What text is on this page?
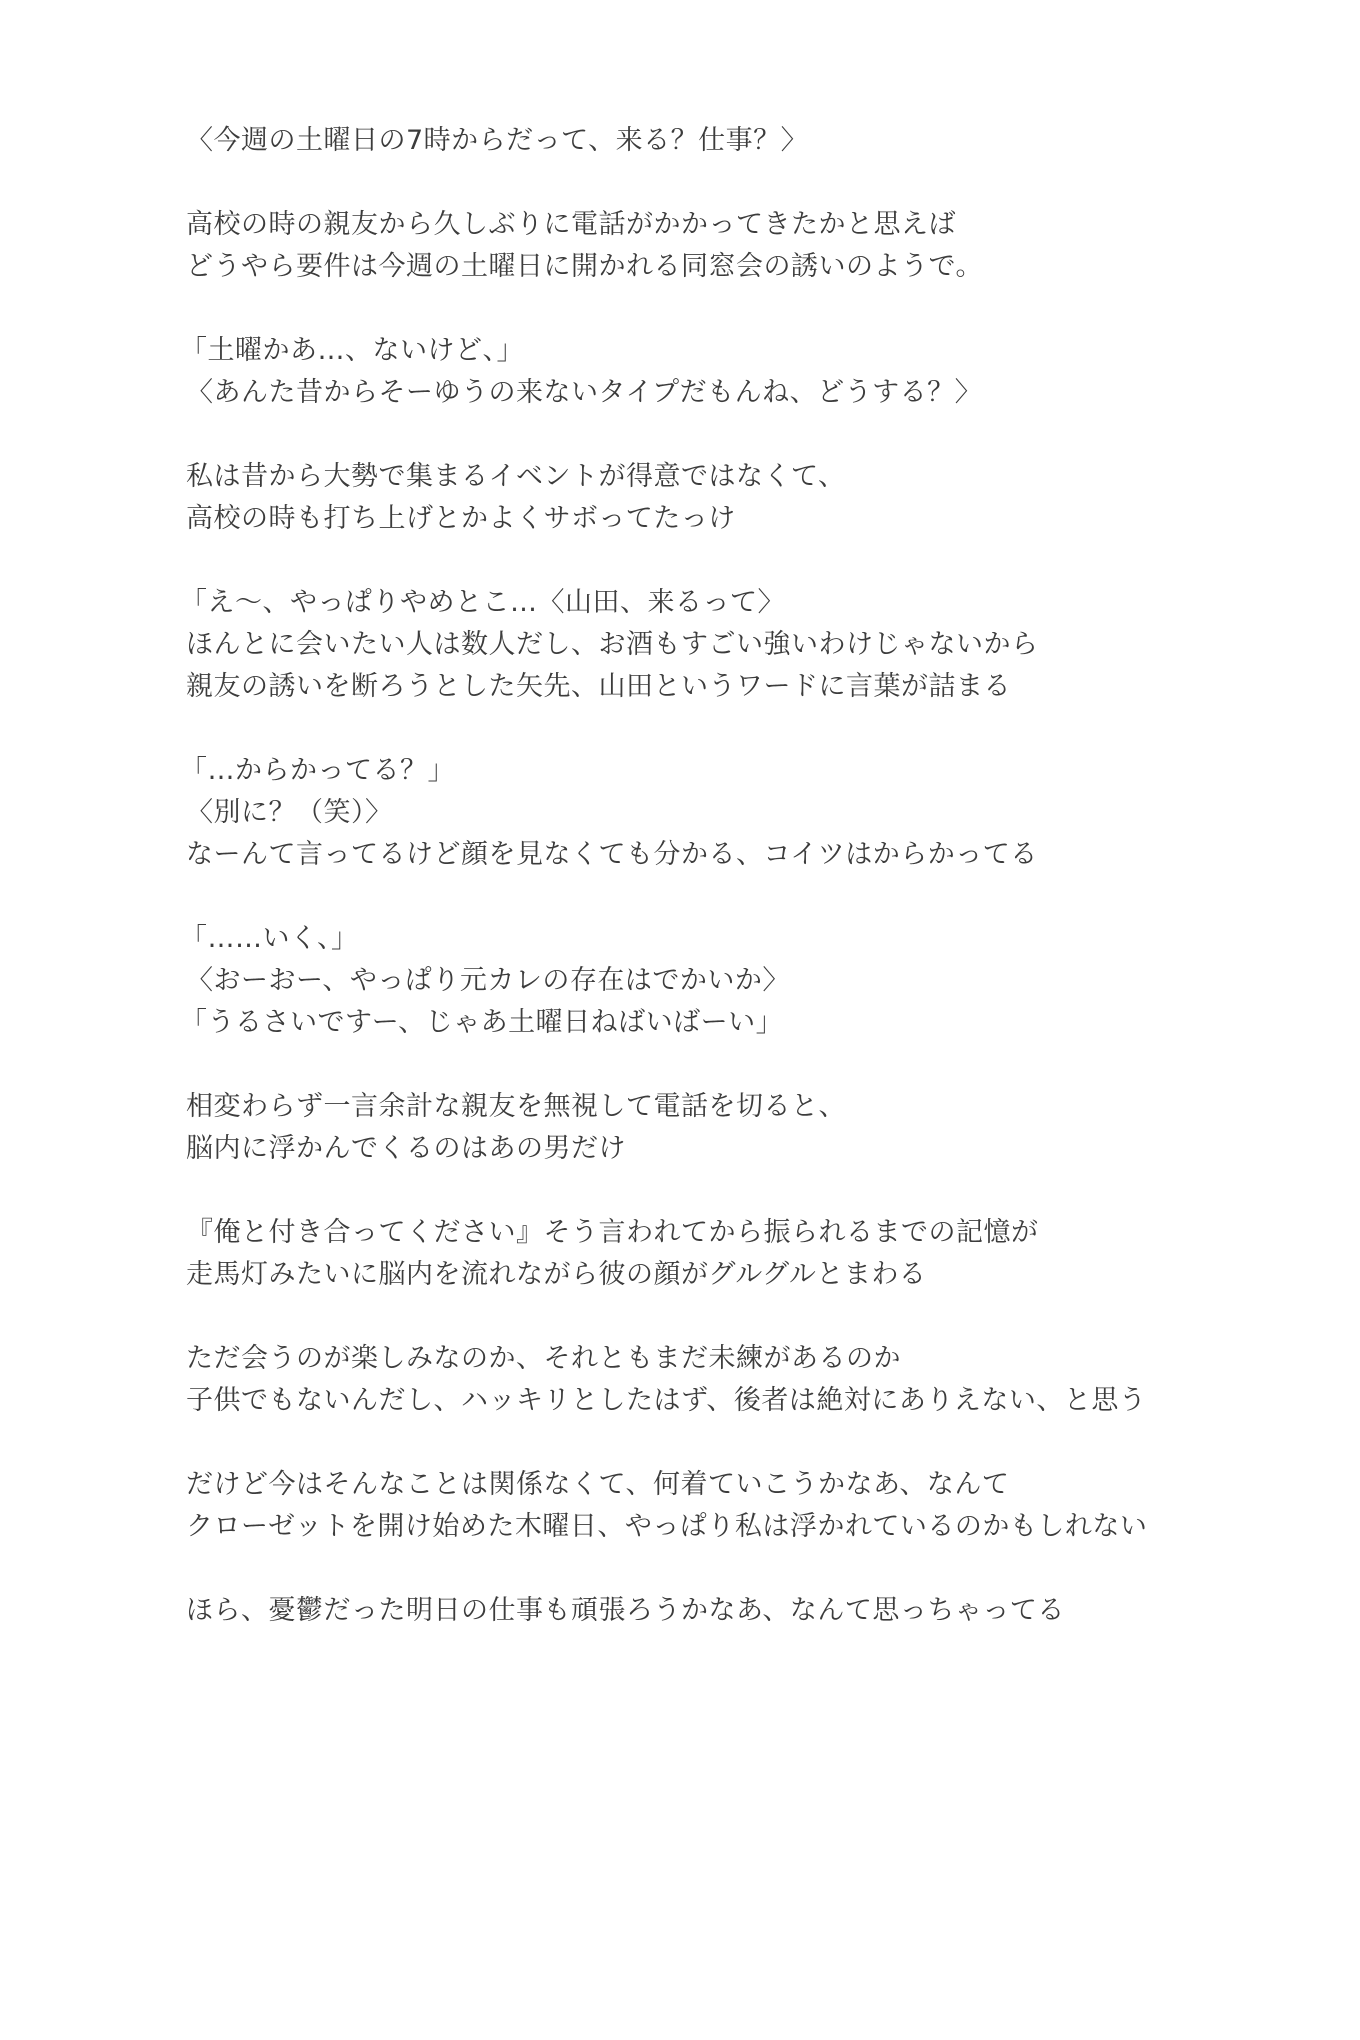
〈今週の土曜日の7時からだって、来る？仕事？〉
高校の時の親友から久しぶりに電話がかかってきたかと思えば
どうやら要件は今週の土曜日に開かれる同窓会の誘いのようで。
「土曜かあ…、ないけど、」
〈あんた昔からそーゆうの来ないタイプだもんね、どうする？〉
私は昔から大勢で集まるイベントが得意ではなくて、
高校の時も打ち上げとかよくサボってたっけ
「え〜、やっぱりやめとこ…〈山田、来るって〉
ほんとに会いたい人は数人だし、お酒もすごい強いわけじゃないから
親友の誘いを断ろうとした矢先、山田というワードに言葉が詰まる
「…からかってる？」
〈別に？（笑）〉
なーんて言ってるけど顔を見なくても分かる、コイツはからかってる
「……いく、」
〈おーおー、やっぱり元カレの存在はでかいか〉
「うるさいですー、じゃあ土曜日ねばいばーい」
相変わらず一言余計な親友を無視して電話を切ると、
脳内に浮かんでくるのはあの男だけ
『俺と付き合ってください』そう言われてから振られるまでの記憶が
走馬灯みたいに脳内を流れながら彼の顔がグルグルとまわる
ただ会うのが楽しみなのか、それともまだ未練があるのか
子供でもないんだし、ハッキリとしたはず、後者は絶対にありえない、と思う
だけど今はそんなことは関係なくて、何着ていこうかなあ、なんて
クローゼットを開け始めた木曜日、やっぱり私は浮かれているのかもしれない
ほら、憂鬱だった明日の仕事も頑張ろうかなあ、なんて思っちゃってる
